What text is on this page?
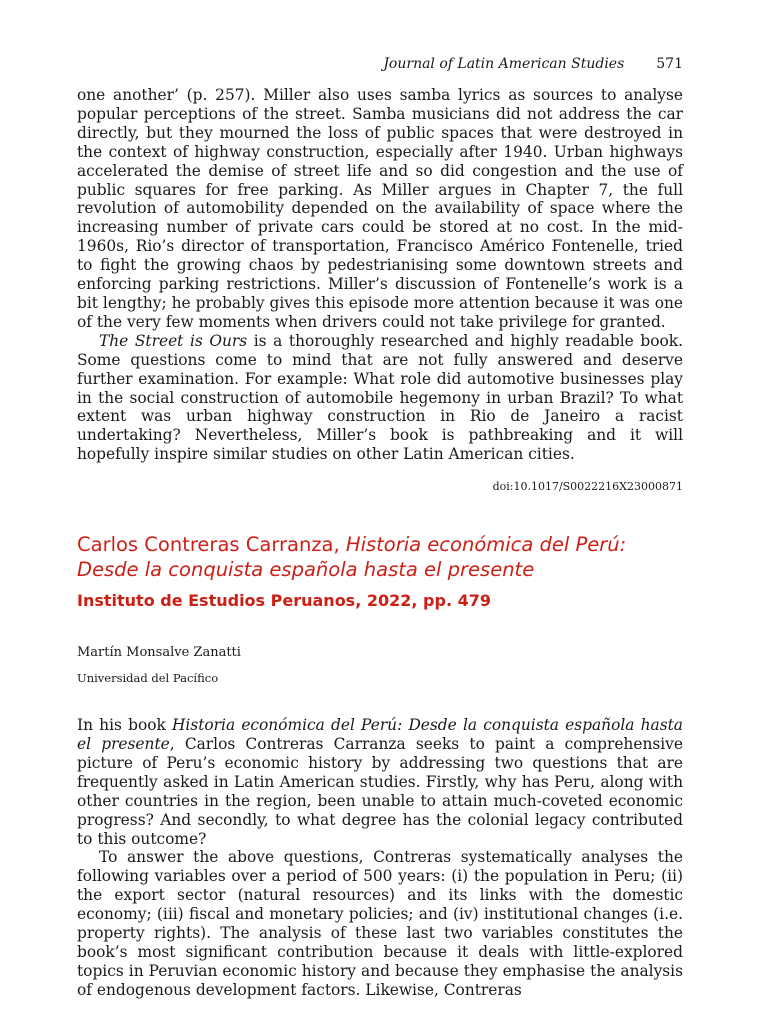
Journal of Latin American Studies 571

one another’ (p. 257). Miller also uses samba lyrics as sources to analyse popular perceptions of the street. Samba musicians did not address the car directly, but they mourned the loss of public spaces that were destroyed in the context of highway construction, especially after 1940. Urban highways accelerated the demise of street life and so did congestion and the use of public squares for free parking. As Miller argues in Chapter 7, the full revolution of automobility depended on the availability of space where the increasing number of private cars could be stored at no cost. In the mid-1960s, Rio’s director of transportation, Francisco Américo Fontenelle, tried to fight the growing chaos by pedestrianising some downtown streets and enforcing parking restrictions. Miller’s discussion of Fontenelle’s work is a bit lengthy; he probably gives this episode more attention because it was one of the very few moments when drivers could not take privilege for granted.

The Street is Ours is a thoroughly researched and highly readable book. Some questions come to mind that are not fully answered and deserve further examination. For example: What role did automotive businesses play in the social construction of automobile hegemony in urban Brazil? To what extent was urban highway construction in Rio de Janeiro a racist undertaking? Nevertheless, Miller’s book is pathbreaking and it will hopefully inspire similar studies on other Latin American cities.

doi:10.1017/S0022216X23000871
Carlos Contreras Carranza, Historia económica del Perú:
Desde la conquista española hasta el presente
Instituto de Estudios Peruanos, 2022, pp. 479
Martín Monsalve Zanatti
Universidad del Pacífico

In his book Historia económica del Perú: Desde la conquista española hasta el presente, Carlos Contreras Carranza seeks to paint a comprehensive picture of Peru’s economic history by addressing two questions that are frequently asked in Latin American studies. Firstly, why has Peru, along with other countries in the region, been unable to attain much-coveted economic progress? And secondly, to what degree has the colonial legacy contributed to this outcome?

To answer the above questions, Contreras systematically analyses the following variables over a period of 500 years: (i) the population in Peru; (ii) the export sector (natural resources) and its links with the domestic economy; (iii) fiscal and monetary policies; and (iv) institutional changes (i.e. property rights). The analysis of these last two variables constitutes the book’s most significant contribution because it deals with little-explored topics in Peruvian economic history and because they emphasise the analysis of endogenous development factors. Likewise, Contreras
